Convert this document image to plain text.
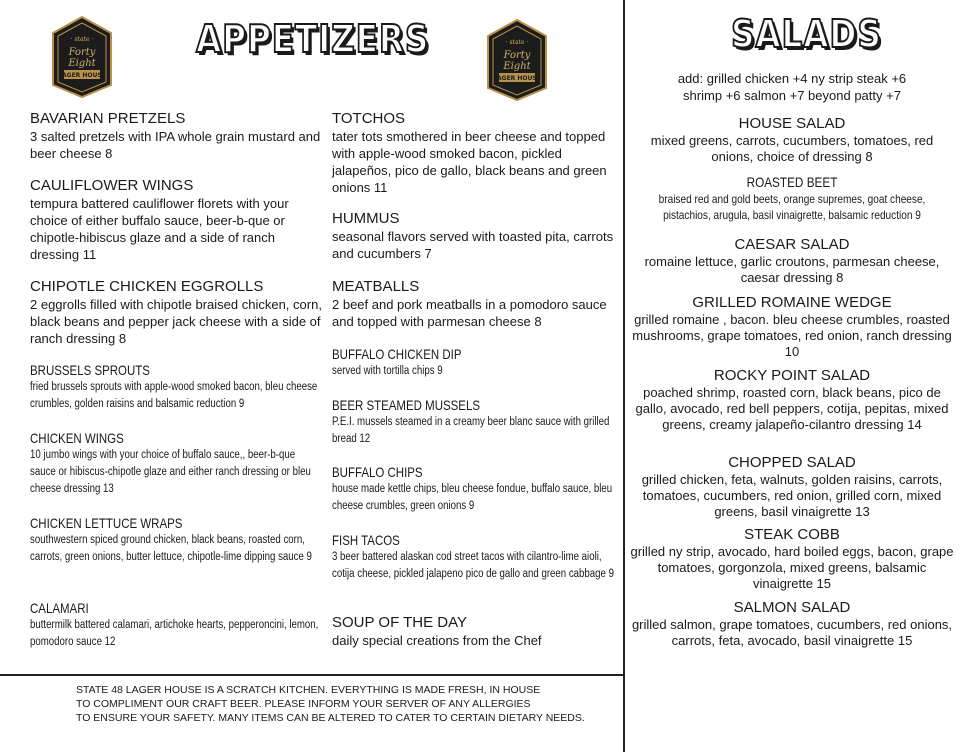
· state ·
Forty
Eight
LAGER HOUSE
· state ·
Forty
Eight
LAGER HOUSE
APPETIZERS	SALADS
BAVARIAN PRETZELS
3 salted pretzels with IPA whole grain mustard and beer cheese 8
CAULIFLOWER WINGS
tempura battered cauliflower florets with your choice of either buffalo sauce, beer-b-que or chipotle-hibiscus glaze and a side of ranch dressing 11
CHIPOTLE CHICKEN EGGROLLS
2 eggrolls filled with chipotle braised chicken, corn, black beans and pepper jack cheese with a side of ranch dressing 8
BRUSSELS SPROUTS
fried brussels sprouts with apple-wood smoked bacon, bleu cheese crumbles, golden raisins and balsamic reduction 9
CHICKEN WINGS
10 jumbo wings with your choice of buffalo sauce,, beer-b-que sauce or hibiscus-chipotle glaze and either ranch dressing or bleu cheese dressing 13
CHICKEN LETTUCE WRAPS
southwestern spiced ground chicken, black beans, roasted corn, carrots, green onions, butter lettuce, chipotle-lime dipping sauce 9
CALAMARI
buttermilk battered calamari, artichoke hearts, pepperoncini, lemon, pomodoro sauce 12
TOTCHOS
tater tots smothered in beer cheese and topped with apple-wood smoked bacon, pickled jalapeños, pico de gallo, black beans and green onions 11
HUMMUS
seasonal flavors served with toasted pita, carrots and cucumbers 7
MEATBALLS
2 beef and pork meatballs in a pomodoro sauce and topped with parmesan cheese 8
BUFFALO CHICKEN DIP
served with tortilla chips 9
BEER STEAMED MUSSELS
P.E.I. mussels steamed in a creamy beer blanc sauce with grilled bread 12
BUFFALO CHIPS
house made kettle chips, bleu cheese fondue, buffalo sauce, bleu cheese crumbles, green onions 9
FISH TACOS
3 beer battered alaskan cod street tacos with cilantro-lime aioli, cotija cheese, pickled jalapeno pico de gallo and green cabbage 9
SOUP OF THE DAY
daily special creations from the Chef
add: grilled chicken +4 ny strip steak +6
shrimp +6 salmon +7 beyond patty +7
HOUSE SALAD
mixed greens, carrots, cucumbers, tomatoes, red onions, choice of dressing 8
ROASTED BEET
braised red and gold beets, orange supremes, goat cheese, pistachios, arugula, basil vinaigrette, balsamic reduction 9
CAESAR SALAD
romaine lettuce, garlic croutons, parmesan cheese, caesar dressing 8
GRILLED ROMAINE WEDGE
grilled romaine , bacon. bleu cheese crumbles, roasted mushrooms, grape tomatoes, red onion, ranch dressing 10
ROCKY POINT SALAD
poached shrimp, roasted corn, black beans, pico de gallo, avocado, red bell peppers, cotija, pepitas, mixed greens, creamy jalapeño-cilantro dressing 14
CHOPPED SALAD
grilled chicken, feta, walnuts, golden raisins, carrots, tomatoes, cucumbers, red onion, grilled corn, mixed greens, basil vinaigrette 13
STEAK COBB
grilled ny strip, avocado, hard boiled eggs, bacon, grape tomatoes, gorgonzola, mixed greens, balsamic vinaigrette 15
SALMON SALAD
grilled salmon, grape tomatoes, cucumbers, red onions, carrots, feta, avocado, basil vinaigrette 15
STATE 48 LAGER HOUSE IS A SCRATCH KITCHEN. EVERYTHING IS MADE FRESH, IN HOUSE
TO COMPLIMENT OUR CRAFT BEER. PLEASE INFORM YOUR SERVER OF ANY ALLERGIES
TO ENSURE YOUR SAFETY. MANY ITEMS CAN BE ALTERED TO CATER TO CERTAIN DIETARY NEEDS.
